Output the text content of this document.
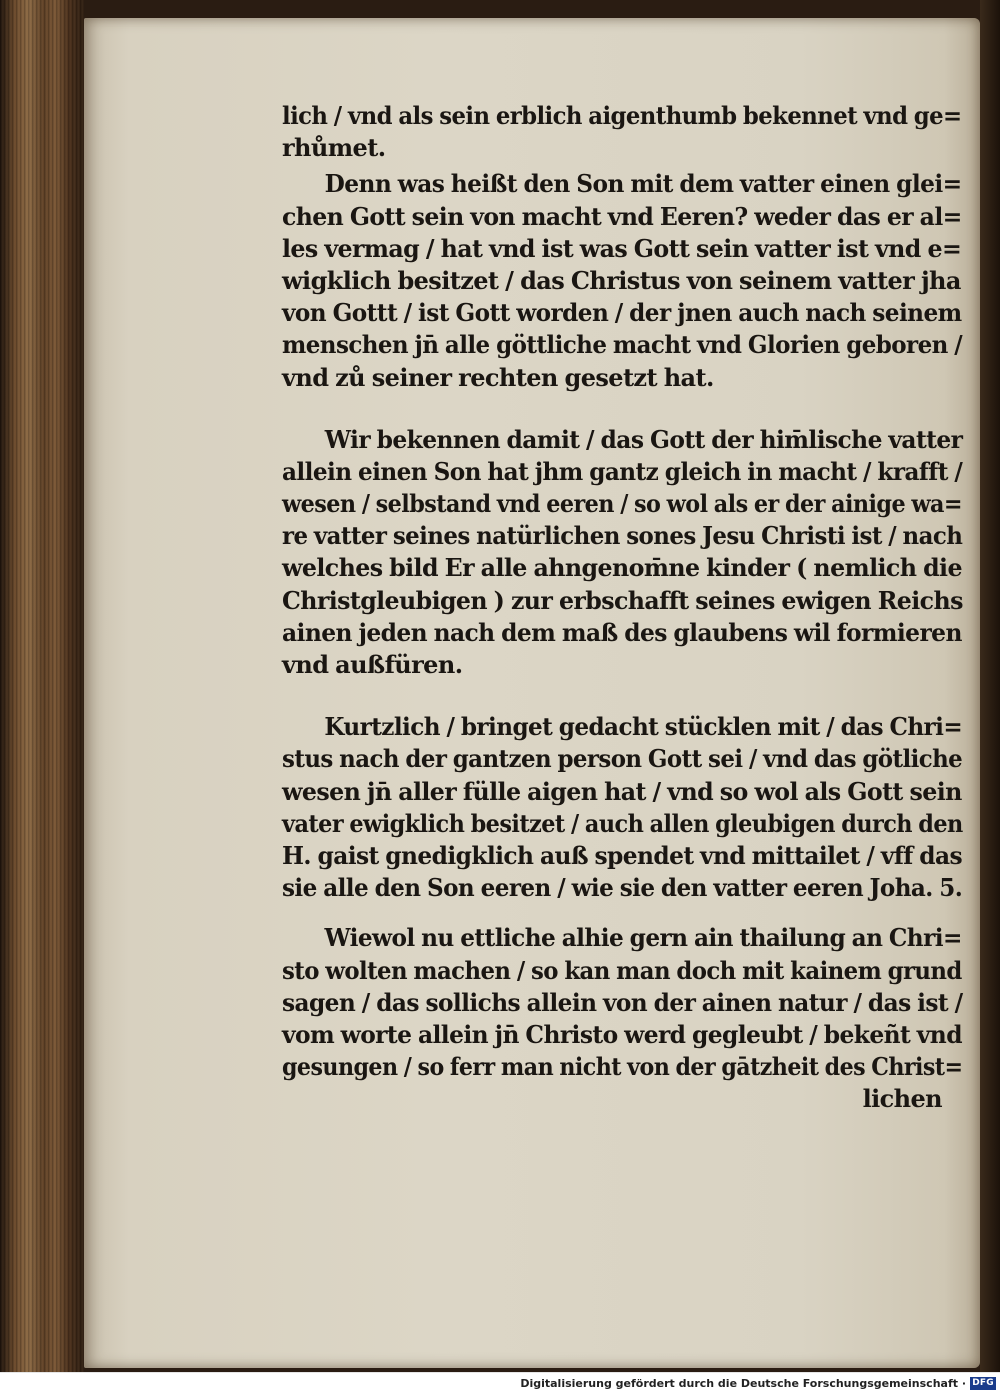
lich / vnd als sein erblich aigenthumb bekennet vnd ge=
rhůmet.
Denn was heißt den Son mit dem vatter einen glei=
chen Gott sein von macht vnd Eeren? weder das er al=
les vermag / hat vnd ist was Gott sein vatter ist vnd e=
wigklich besitzet / das Christus von seinem vatter jha
von Gottt / ist Gott worden / der jnen auch nach seinem
menschen jn̄ alle göttliche macht vnd Glorien geboren /
vnd zů seiner rechten gesetzt hat.
Wir bekennen damit / das Gott der him̄lische vatter
allein einen Son hat jhm gantz gleich in macht / krafft /
wesen / selbstand vnd eeren / so wol als er der ainige wa=
re vatter seines natürlichen sones Jesu Christi ist / nach
welches bild Er alle ahngenom̄ne kinder ( nemlich die
Christgleubigen ) zur erbschafft seines ewigen Reichs
ainen jeden nach dem maß des glaubens wil formieren
vnd außfüren.
Kurtzlich / bringet gedacht stücklen mit / das Chri=
stus nach der gantzen person Gott sei / vnd das götliche
wesen jn̄ aller fülle aigen hat / vnd so wol als Gott sein
vater ewigklich besitzet / auch allen gleubigen durch den
H. gaist gnedigklich auß spendet vnd mittailet / vff das
sie alle den Son eeren / wie sie den vatter eeren Joha. 5.
Wiewol nu ettliche alhie gern ain thailung an Chri=
sto wolten machen / so kan man doch mit kainem grund
sagen / das sollichs allein von der ainen natur / das ist /
vom worte allein jn̄ Christo werd gegleubt / bekeñt vnd
gesungen / so ferr man nicht von der gātzheit des Christ=
lichen
Digitalisierung gefördert durch die Deutsche Forschungsgemeinschaft · DFG
